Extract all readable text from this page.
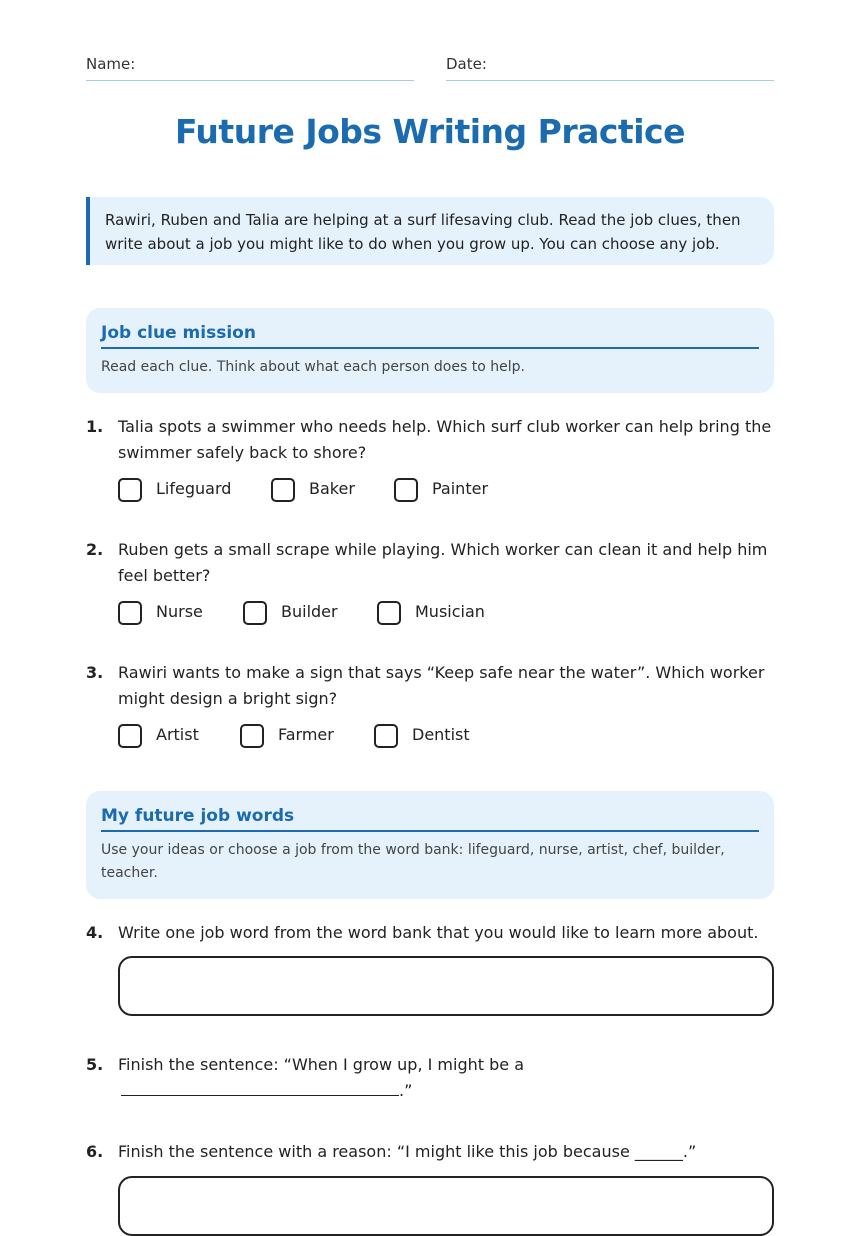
Name:	Date:
Future Jobs Writing Practice
Rawiri, Ruben and Talia are helping at a surf lifesaving club. Read the job clues, then write about a job you might like to do when you grow up. You can choose any job.
Job clue mission
Read each clue. Think about what each person does to help.
1. Talia spots a swimmer who needs help. Which surf club worker can help bring the swimmer safely back to shore?
Lifeguard	Baker	Painter
2. Ruben gets a small scrape while playing. Which worker can clean it and help him feel better?
Nurse	Builder	Musician
3. Rawiri wants to make a sign that says “Keep safe near the water”. Which worker might design a bright sign?
Artist	Farmer	Dentist
My future job words
Use your ideas or choose a job from the word bank: lifeguard, nurse, artist, chef, builder, teacher.
4. Write one job word from the word bank that you would like to learn more about.
5. Finish the sentence: “When I grow up, I might be a
.”
6. Finish the sentence with a reason: “I might like this job because ______.”
